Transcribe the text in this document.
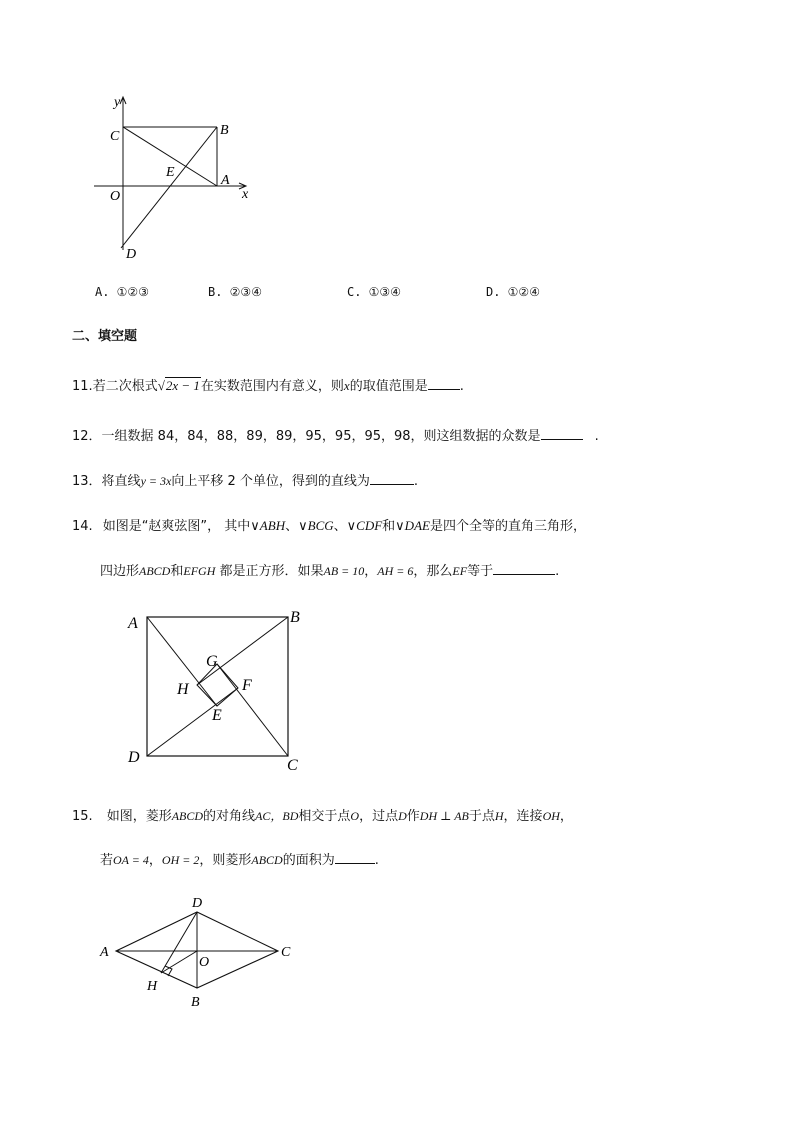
y
x
C	B
E
A
O
D
A. ①②③	B. ②③④	C. ①③④	D. ①②④
二、填空题
11.若二次根式√2x − 1在实数范围内有意义，则x的取值范围是 .
12．一组数据 84，84，88，89，89，95，95，95，98，则这组数据的众数是	.
13．将直线y = 3x向上平移 2 个单位，得到的直线为	.
14. 如图是“赵爽弦图”， 其中∨ABH、∨BCG、∨CDF和∨DAE是四个全等的直角三角形，
四边形ABCD和EFGH 都是正方形．如果AB = 10，AH = 6，那么EF等于	.
A	B
C
D
G
H	F
E
15. 如图，菱形ABCD的对角线AC，BD相交于点O，过点D作DH ⊥ AB于点H，连接OH，
若OA = 4，OH = 2，则菱形ABCD的面积为	.
D
A	C
O
H
B
